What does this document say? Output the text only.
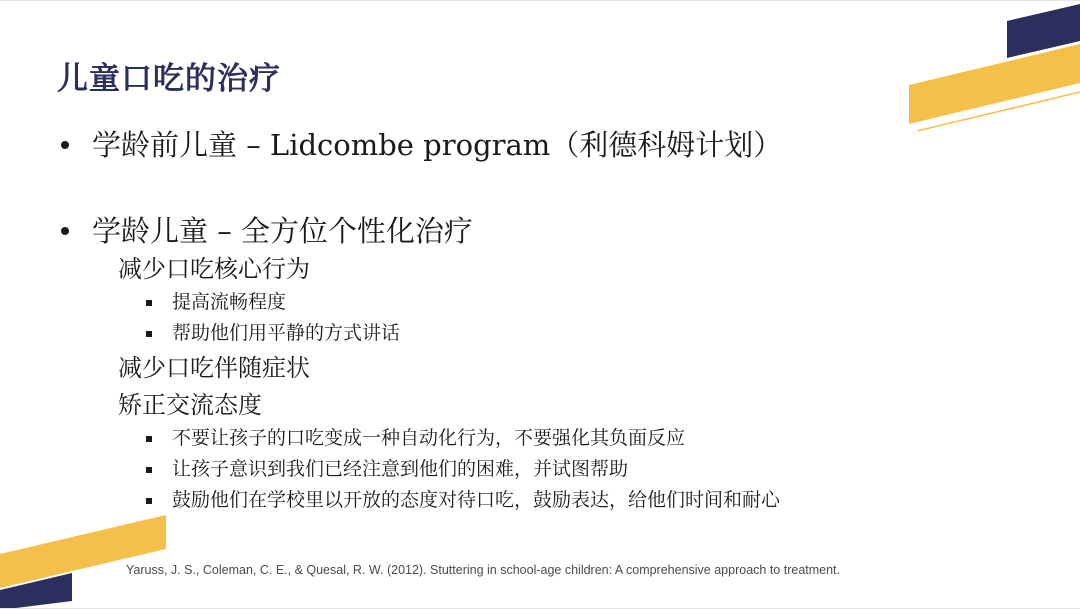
儿童口吃的治疗
学龄前儿童 – Lidcombe program（利德科姆计划）
学龄儿童 – 全方位个性化治疗
减少口吃核心行为
提高流畅程度
帮助他们用平静的方式讲话
减少口吃伴随症状
矫正交流态度
不要让孩子的口吃变成一种自动化行为，不要强化其负面反应
让孩子意识到我们已经注意到他们的困难，并试图帮助
鼓励他们在学校里以开放的态度对待口吃，鼓励表达，给他们时间和耐心
Yaruss, J. S., Coleman, C. E., & Quesal, R. W. (2012). Stuttering in school-age children: A comprehensive approach to treatment.
